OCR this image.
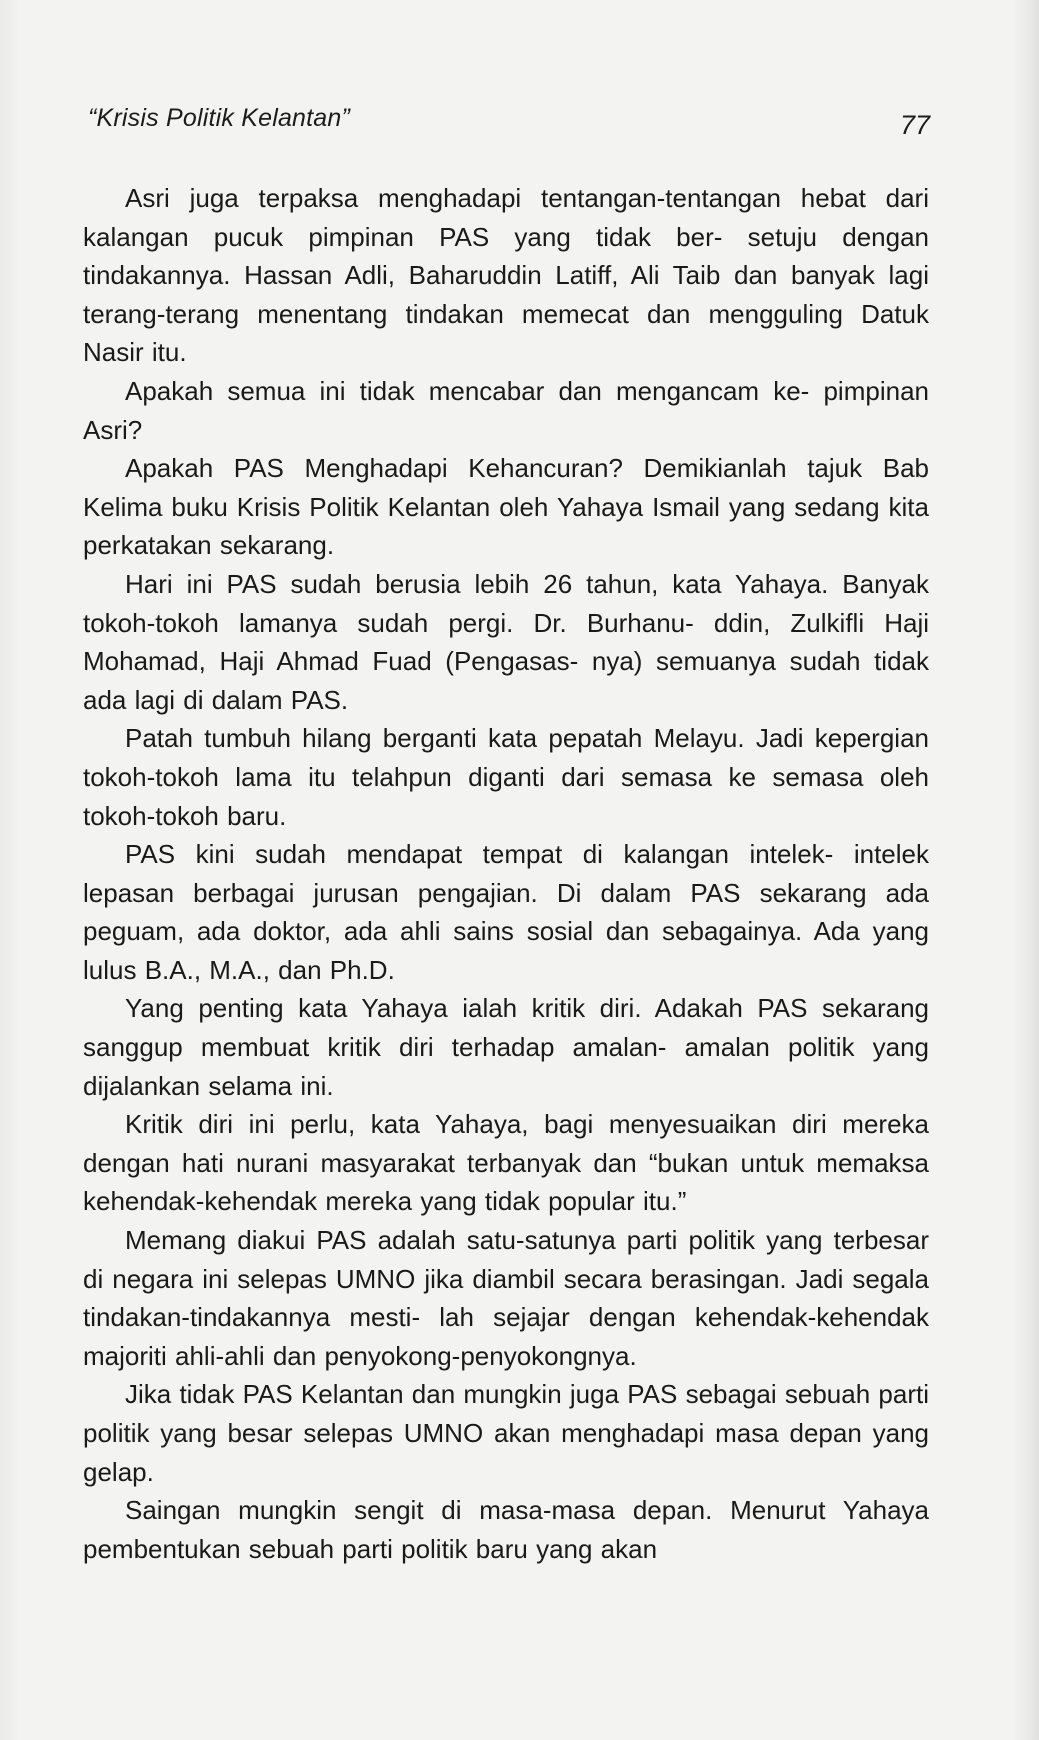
“Krisis Politik Kelantan”	77

Asri juga terpaksa menghadapi tentangan-tentangan hebat dari kalangan pucuk pimpinan PAS yang tidak ber- setuju dengan tindakannya. Hassan Adli, Baharuddin Latiff, Ali Taib dan banyak lagi terang-terang menentang tindakan memecat dan mengguling Datuk Nasir itu.

Apakah semua ini tidak mencabar dan mengancam ke- pimpinan Asri?

Apakah PAS Menghadapi Kehancuran? Demikianlah tajuk Bab Kelima buku Krisis Politik Kelantan oleh Yahaya Ismail yang sedang kita perkatakan sekarang.

Hari ini PAS sudah berusia lebih 26 tahun, kata Yahaya. Banyak tokoh-tokoh lamanya sudah pergi. Dr. Burhanu- ddin, Zulkifli Haji Mohamad, Haji Ahmad Fuad (Pengasas- nya) semuanya sudah tidak ada lagi di dalam PAS.

Patah tumbuh hilang berganti kata pepatah Melayu. Jadi kepergian tokoh-tokoh lama itu telahpun diganti dari semasa ke semasa oleh tokoh-tokoh baru.

PAS kini sudah mendapat tempat di kalangan intelek- intelek lepasan berbagai jurusan pengajian. Di dalam PAS sekarang ada peguam, ada doktor, ada ahli sains sosial dan sebagainya. Ada yang lulus B.A., M.A., dan Ph.D.

Yang penting kata Yahaya ialah kritik diri. Adakah PAS sekarang sanggup membuat kritik diri terhadap amalan- amalan politik yang dijalankan selama ini.

Kritik diri ini perlu, kata Yahaya, bagi menyesuaikan diri mereka dengan hati nurani masyarakat terbanyak dan “bukan untuk memaksa kehendak-kehendak mereka yang tidak popular itu.”

Memang diakui PAS adalah satu-satunya parti politik yang terbesar di negara ini selepas UMNO jika diambil secara berasingan. Jadi segala tindakan-tindakannya mesti- lah sejajar dengan kehendak-kehendak majoriti ahli-ahli dan penyokong-penyokongnya.

Jika tidak PAS Kelantan dan mungkin juga PAS sebagai sebuah parti politik yang besar selepas UMNO akan menghadapi masa depan yang gelap.

Saingan mungkin sengit di masa-masa depan. Menurut Yahaya pembentukan sebuah parti politik baru yang akan
